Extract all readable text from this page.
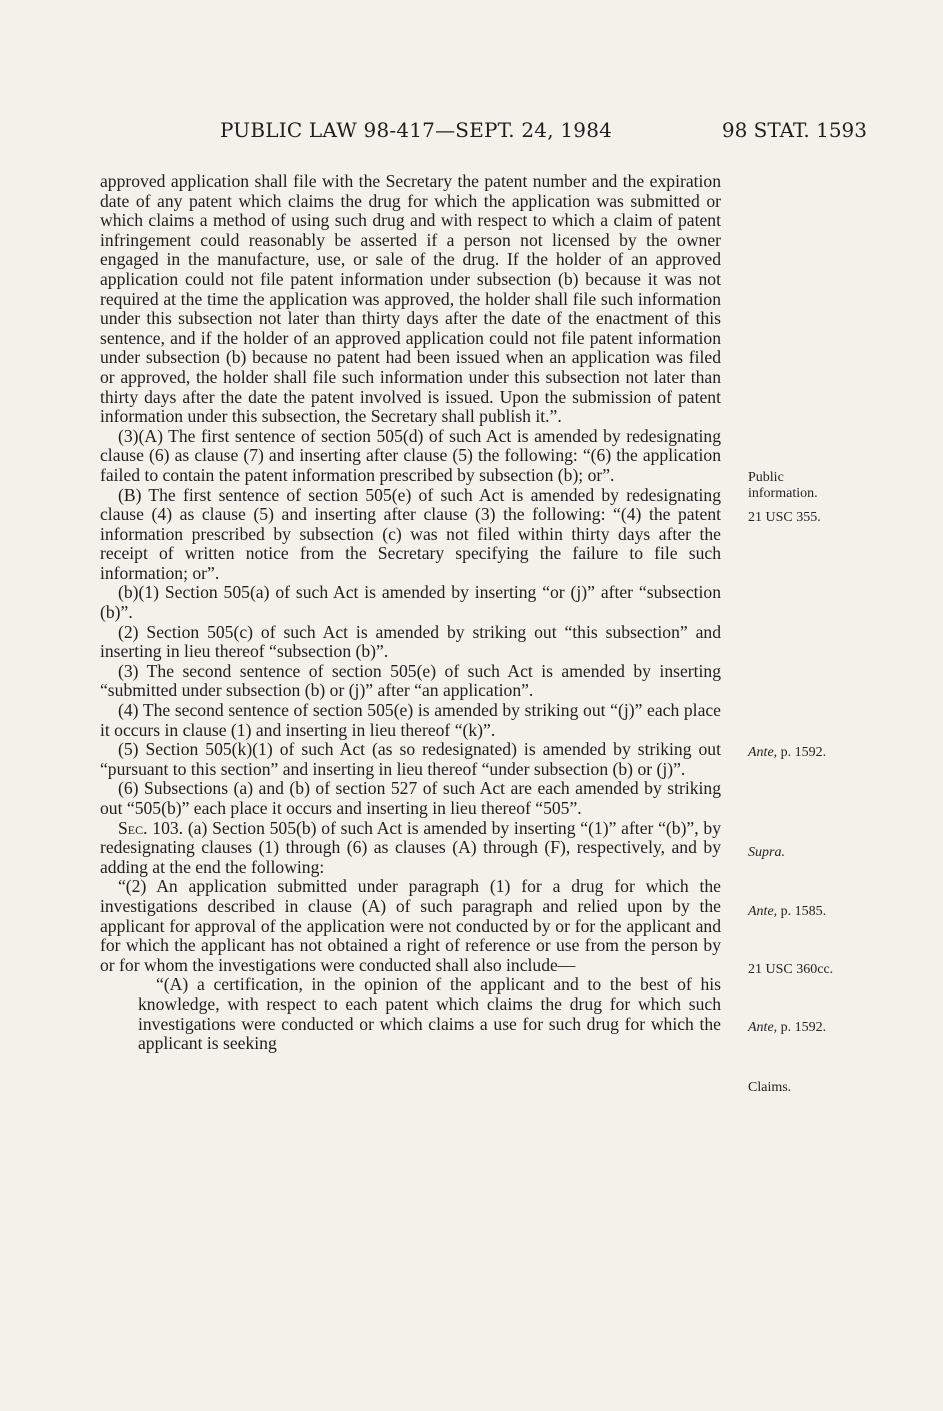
PUBLIC LAW 98-417—SEPT. 24, 1984	98 STAT. 1593

approved application shall file with the Secretary the patent number and the expiration date of any patent which claims the drug for which the application was submitted or which claims a method of using such drug and with respect to which a claim of patent infringement could reasonably be asserted if a person not licensed by the owner engaged in the manufacture, use, or sale of the drug. If the holder of an approved application could not file patent information under subsection (b) because it was not required at the time the application was approved, the holder shall file such information under this subsection not later than thirty days after the date of the enactment of this sentence, and if the holder of an approved application could not file patent information under subsection (b) because no patent had been issued when an application was filed or approved, the holder shall file such information under this subsection not later than thirty days after the date the patent involved is issued. Upon the submission of patent information under this subsection, the Secretary shall publish it.”.

(3)(A) The first sentence of section 505(d) of such Act is amended by redesignating clause (6) as clause (7) and inserting after clause (5) the following: “(6) the application failed to contain the patent information prescribed by subsection (b); or”.

(B) The first sentence of section 505(e) of such Act is amended by redesignating clause (4) as clause (5) and inserting after clause (3) the following: “(4) the patent information prescribed by subsection (c) was not filed within thirty days after the receipt of written notice from the Secretary specifying the failure to file such information; or”.

(b)(1) Section 505(a) of such Act is amended by inserting “or (j)” after “subsection (b)”.

(2) Section 505(c) of such Act is amended by striking out “this subsection” and inserting in lieu thereof “subsection (b)”.

(3) The second sentence of section 505(e) of such Act is amended by inserting “submitted under subsection (b) or (j)” after “an application”.

(4) The second sentence of section 505(e) is amended by striking out “(j)” each place it occurs in clause (1) and inserting in lieu thereof “(k)”.

(5) Section 505(k)(1) of such Act (as so redesignated) is amended by striking out “pursuant to this section” and inserting in lieu thereof “under subsection (b) or (j)”.

(6) Subsections (a) and (b) of section 527 of such Act are each amended by striking out “505(b)” each place it occurs and inserting in lieu thereof “505”.

Sec. 103. (a) Section 505(b) of such Act is amended by inserting “(1)” after “(b)”, by redesignating clauses (1) through (6) as clauses (A) through (F), respectively, and by adding at the end the following:

“(2) An application submitted under paragraph (1) for a drug for which the investigations described in clause (A) of such paragraph and relied upon by the applicant for approval of the application were not conducted by or for the applicant and for which the applicant has not obtained a right of reference or use from the person by or for whom the investigations were conducted shall also include—

“(A) a certification, in the opinion of the applicant and to the best of his knowledge, with respect to each patent which claims the drug for which such investigations were conducted or which claims a use for such drug for which the applicant is seeking

Public information.
21 USC 355.
Ante, p. 1592.
Supra.
Ante, p. 1585.
21 USC 360cc.
Ante, p. 1592.
Claims.
